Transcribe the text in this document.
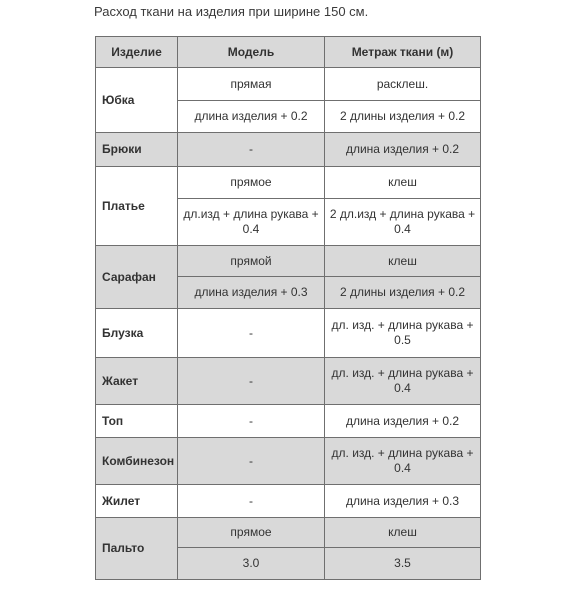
Расход ткани на изделия при ширине 150 см.
Изделие	Модель	Метраж ткани (м)
Юбка	прямая	расклеш.
	длина изделия + 0.2	2 длины изделия + 0.2
Брюки	-	длина изделия + 0.2
Платье	прямое	клеш
	дл.изд + длина рукава + 0.4	2 дл.изд + длина рукава + 0.4
Сарафан	прямой	клеш
	длина изделия + 0.3	2 длины изделия + 0.2
Блузка	-	дл. изд. + длина рукава + 0.5
Жакет	-	дл. изд. + длина рукава + 0.4
Топ	-	длина изделия + 0.2
Комбинезон	-	дл. изд. + длина рукава + 0.4
Жилет	-	длина изделия + 0.3
Пальто	прямое	клеш
	3.0	3.5
